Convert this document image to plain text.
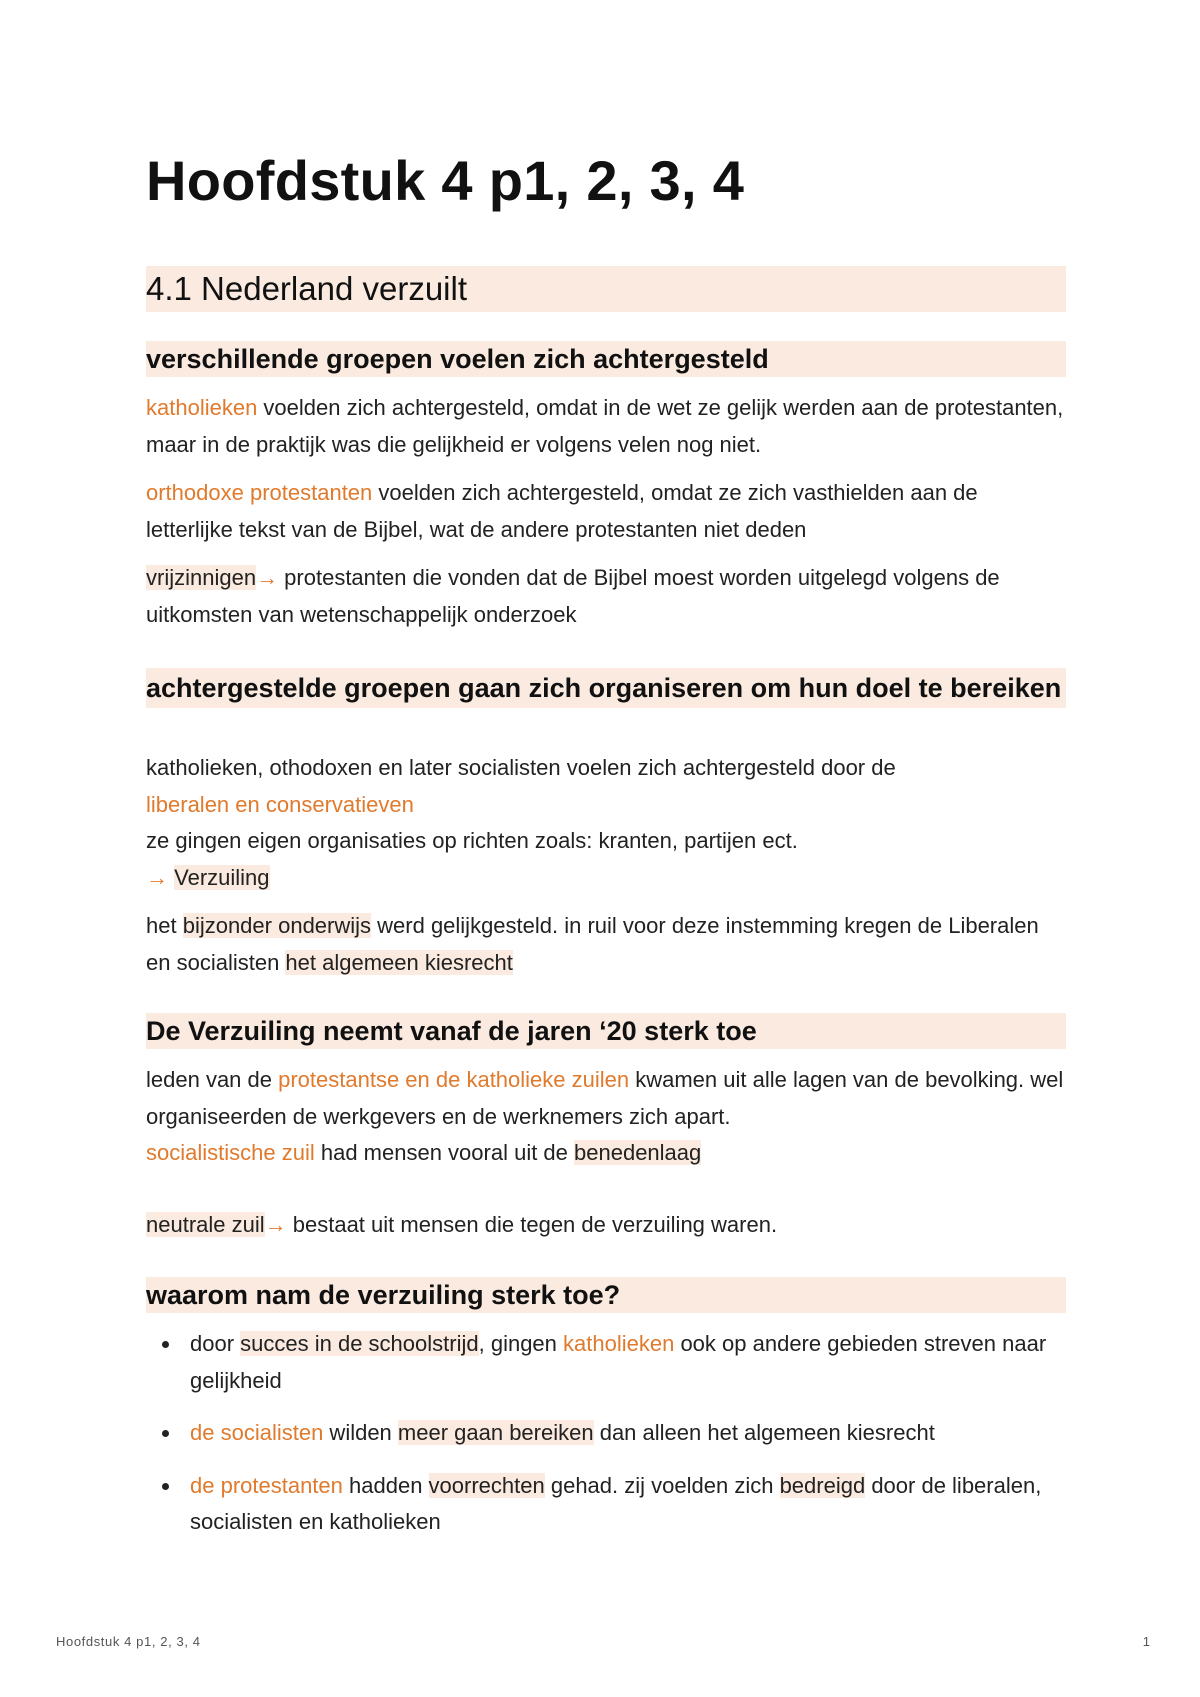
Hoofdstuk 4 p1, 2, 3, 4
4.1 Nederland verzuilt
verschillende groepen voelen zich achtergesteld

katholieken voelden zich achtergesteld, omdat in de wet ze gelijk werden aan de protestanten, maar in de praktijk was die gelijkheid er volgens velen nog niet.

orthodoxe protestanten voelden zich achtergesteld, omdat ze zich vasthielden aan de letterlijke tekst van de Bijbel, wat de andere protestanten niet deden

vrijzinnigen→ protestanten die vonden dat de Bijbel moest worden uitgelegd volgens de uitkomsten van wetenschappelijk onderzoek

achtergestelde groepen gaan zich organiseren om hun doel te bereiken

katholieken, othodoxen en later socialisten voelen zich achtergesteld door de
liberalen en conservatieven
ze gingen eigen organisaties op richten zoals: kranten, partijen ect.
→ Verzuiling

het bijzonder onderwijs werd gelijkgesteld. in ruil voor deze instemming kregen de Liberalen en socialisten het algemeen kiesrecht

De Verzuiling neemt vanaf de jaren ‘20 sterk toe

leden van de protestantse en de katholieke zuilen kwamen uit alle lagen van de bevolking. wel organiseerden de werkgevers en de werknemers zich apart.
socialistische zuil had mensen vooral uit de benedenlaag

neutrale zuil→ bestaat uit mensen die tegen de verzuiling waren.

waarom nam de verzuiling sterk toe?
door succes in de schoolstrijd, gingen katholieken ook op andere gebieden streven naar gelijkheid
de socialisten wilden meer gaan bereiken dan alleen het algemeen kiesrecht
de protestanten hadden voorrechten gehad. zij voelden zich bedreigd door de liberalen, socialisten en katholieken
Hoofdstuk 4 p1, 2, 3, 4	1
